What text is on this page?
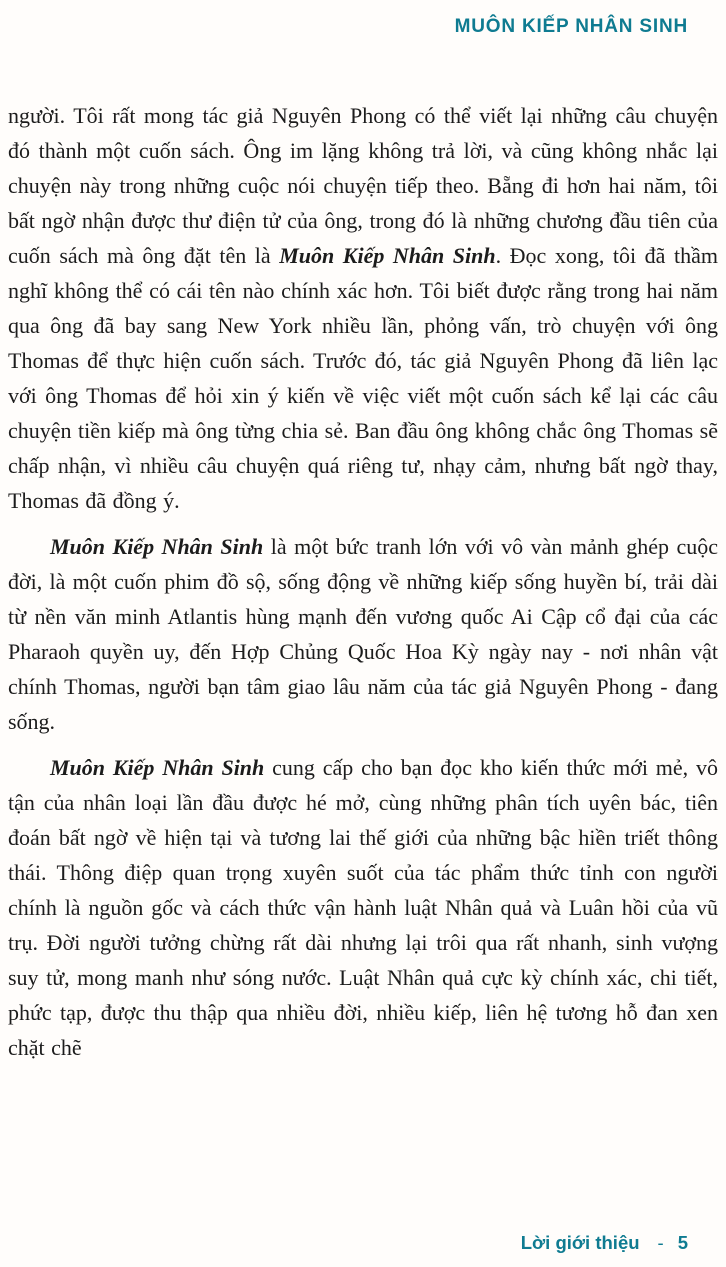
MUÔN KIẾP NHÂN SINH

người. Tôi rất mong tác giả Nguyên Phong có thể viết lại những câu chuyện đó thành một cuốn sách. Ông im lặng không trả lời, và cũng không nhắc lại chuyện này trong những cuộc nói chuyện tiếp theo. Bẵng đi hơn hai năm, tôi bất ngờ nhận được thư điện tử của ông, trong đó là những chương đầu tiên của cuốn sách mà ông đặt tên là Muôn Kiếp Nhân Sinh. Đọc xong, tôi đã thầm nghĩ không thể có cái tên nào chính xác hơn. Tôi biết được rằng trong hai năm qua ông đã bay sang New York nhiều lần, phỏng vấn, trò chuyện với ông Thomas để thực hiện cuốn sách. Trước đó, tác giả Nguyên Phong đã liên lạc với ông Thomas để hỏi xin ý kiến về việc viết một cuốn sách kể lại các câu chuyện tiền kiếp mà ông từng chia sẻ. Ban đầu ông không chắc ông Thomas sẽ chấp nhận, vì nhiều câu chuyện quá riêng tư, nhạy cảm, nhưng bất ngờ thay, Thomas đã đồng ý.

Muôn Kiếp Nhân Sinh là một bức tranh lớn với vô vàn mảnh ghép cuộc đời, là một cuốn phim đồ sộ, sống động về những kiếp sống huyền bí, trải dài từ nền văn minh Atlantis hùng mạnh đến vương quốc Ai Cập cổ đại của các Pharaoh quyền uy, đến Hợp Chủng Quốc Hoa Kỳ ngày nay - nơi nhân vật chính Thomas, người bạn tâm giao lâu năm của tác giả Nguyên Phong - đang sống.

Muôn Kiếp Nhân Sinh cung cấp cho bạn đọc kho kiến thức mới mẻ, vô tận của nhân loại lần đầu được hé mở, cùng những phân tích uyên bác, tiên đoán bất ngờ về hiện tại và tương lai thế giới của những bậc hiền triết thông thái. Thông điệp quan trọng xuyên suốt của tác phẩm thức tỉnh con người chính là nguồn gốc và cách thức vận hành luật Nhân quả và Luân hồi của vũ trụ. Đời người tưởng chừng rất dài nhưng lại trôi qua rất nhanh, sinh vượng suy tử, mong manh như sóng nước. Luật Nhân quả cực kỳ chính xác, chi tiết, phức tạp, được thu thập qua nhiều đời, nhiều kiếp, liên hệ tương hỗ đan xen chặt chẽ

Lời giới thiệu - 5
